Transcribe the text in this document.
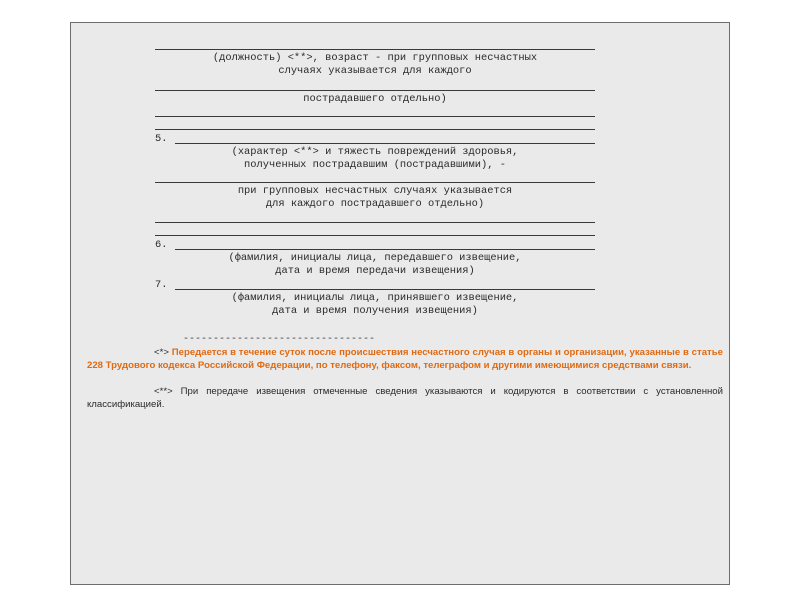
(должность) <**>, возраст - при групповых несчастных
случаях указывается для каждого
пострадавшего отдельно)
5.
(характер <**> и тяжесть повреждений здоровья,
полученных пострадавшим (пострадавшими), -
при групповых несчастных случаях указывается
для каждого пострадавшего отдельно)
6.
(фамилия, инициалы лица, передавшего извещение,
дата и время передачи извещения)
7.
(фамилия, инициалы лица, принявшего извещение,
дата и время получения извещения)
--------------------------------
<*> Передается в течение суток после происшествия несчастного случая в органы и организации, указанные в статье 228 Трудового кодекса Российской Федерации, по телефону, факсом, телеграфом и другими имеющимися средствами связи.
<**> При передаче извещения отмеченные сведения указываются и кодируются в соответствии с установленной классификацией.
